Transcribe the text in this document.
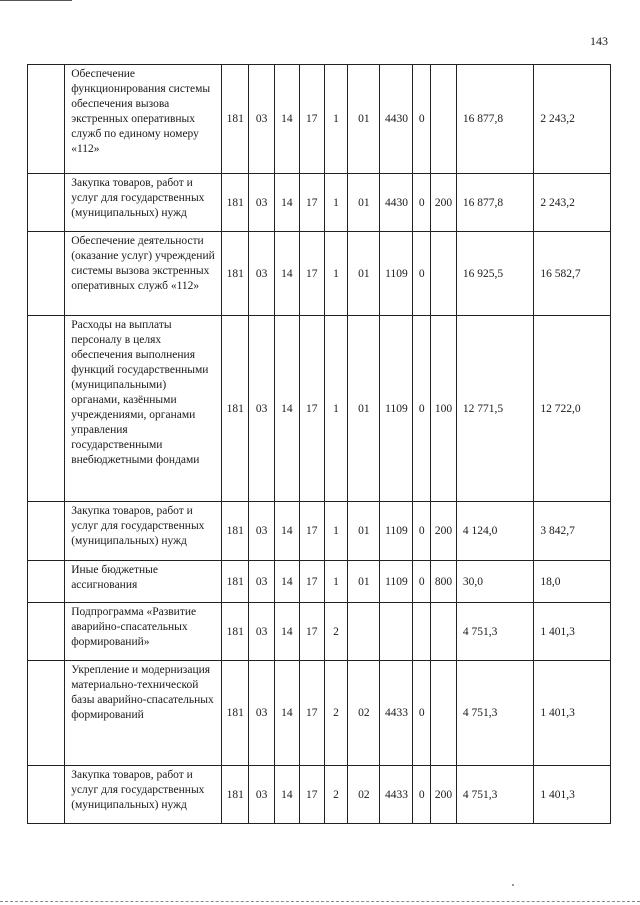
143
	Обеспечение функционирования системы обеспечения вызова экстренных оперативных служб по единому номеру «112»	181	03	14	17	1	01	4430	0		16 877,8	2 243,2
	Закупка товаров, работ и услуг для государственных (муниципальных) нужд	181	03	14	17	1	01	4430	0	200	16 877,8	2 243,2
	Обеспечение деятельности (оказание услуг) учреждений системы вызова экстренных оперативных служб «112»	181	03	14	17	1	01	1109	0		16 925,5	16 582,7
	Расходы на выплаты персоналу в целях обеспечения выполнения функций государственными (муниципальными) органами, казёнными учреждениями, органами управления государственными внебюджетными фондами	181	03	14	17	1	01	1109	0	100	12 771,5	12 722,0
	Закупка товаров, работ и услуг для государственных (муниципальных) нужд	181	03	14	17	1	01	1109	0	200	4 124,0	3 842,7
	Иные бюджетные ассигнования	181	03	14	17	1	01	1109	0	800	30,0	18,0
	Подпрограмма «Развитие аварийно-спасательных формирований»	181	03	14	17	2					4 751,3	1 401,3
	Укрепление и модернизация материально-технической базы аварийно-спасательных формирований	181	03	14	17	2	02	4433	0		4 751,3	1 401,3
	Закупка товаров, работ и услуг для государственных (муниципальных) нужд	181	03	14	17	2	02	4433	0	200	4 751,3	1 401,3
